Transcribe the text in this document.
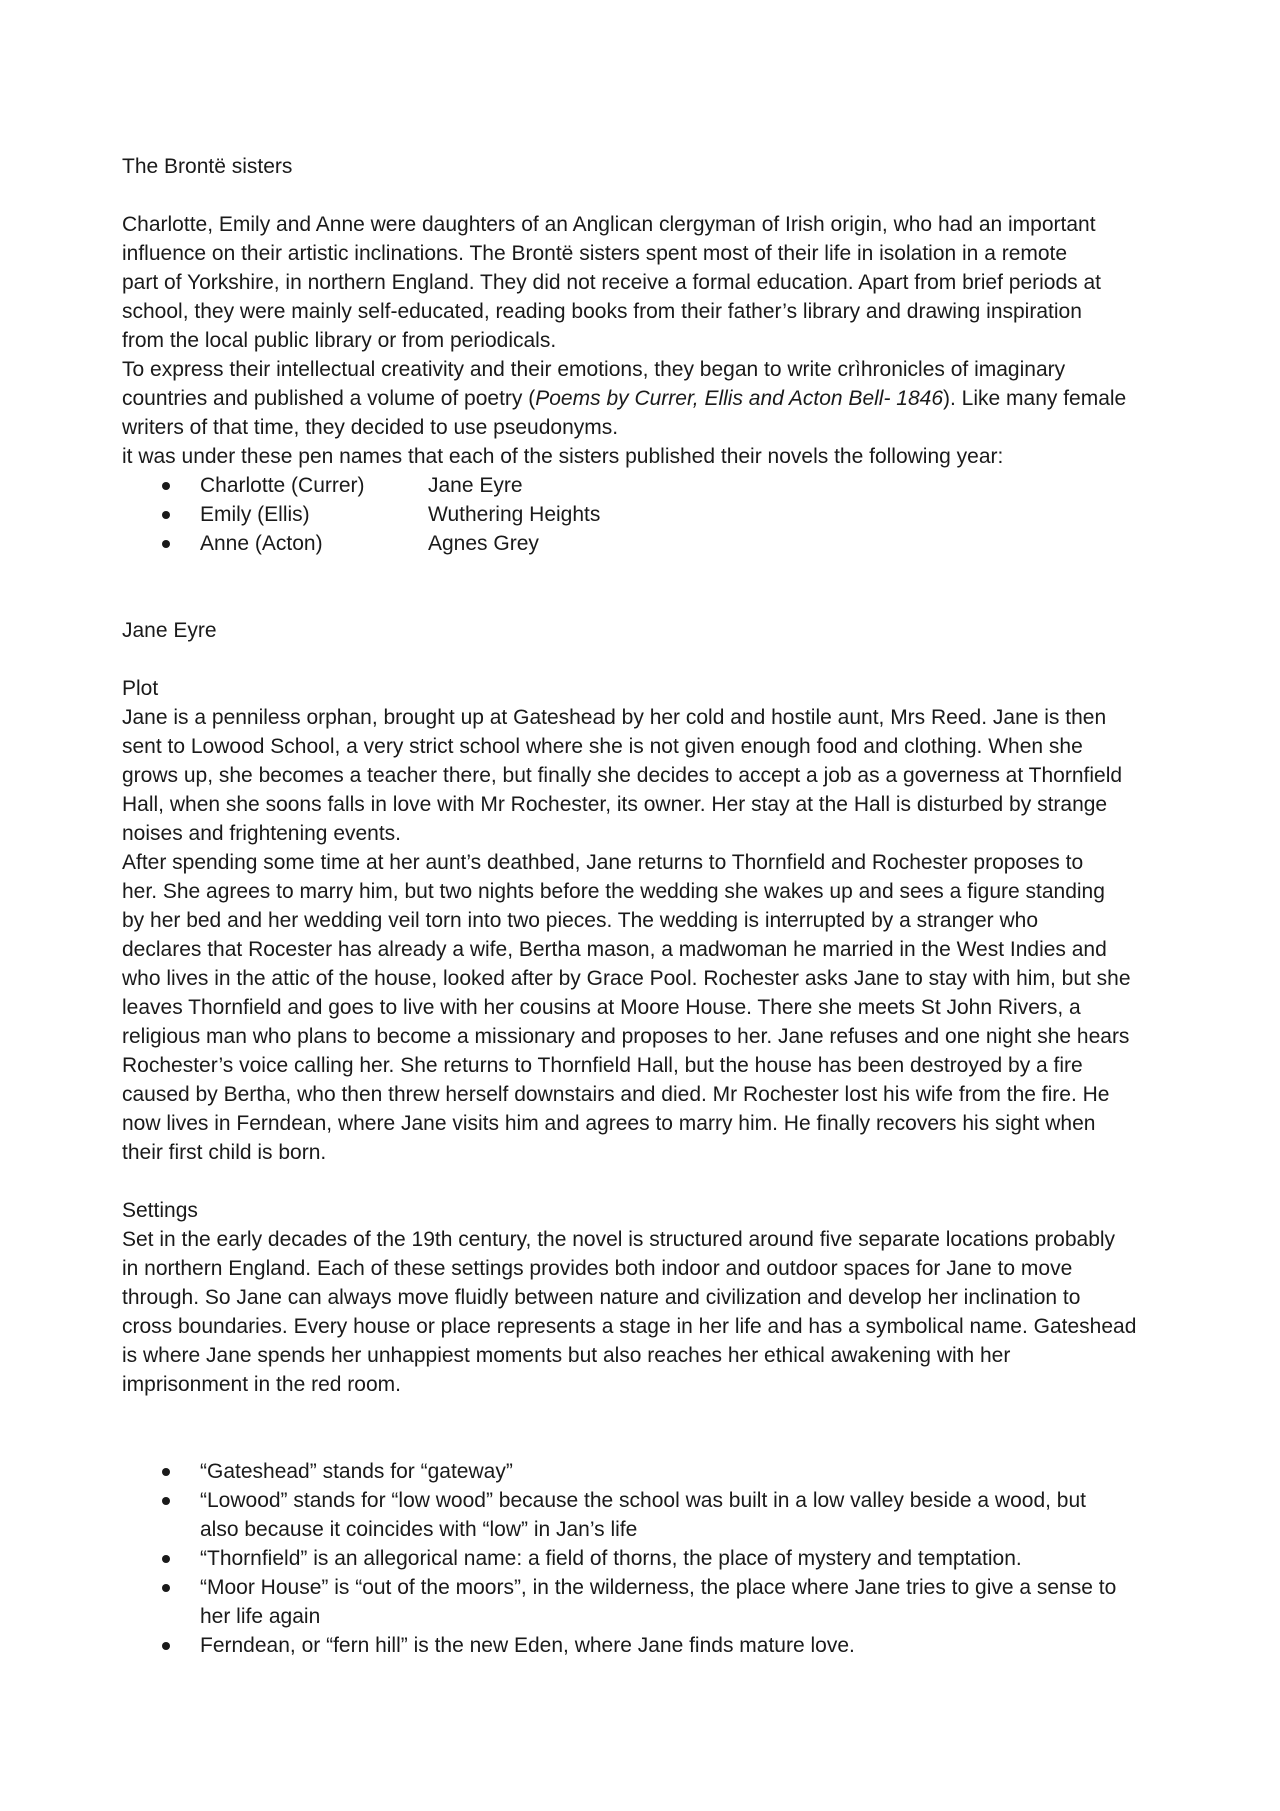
The Brontë sisters
Charlotte, Emily and Anne were daughters of an Anglican clergyman of Irish origin, who had an important
influence on their artistic inclinations. The Brontë sisters spent most of their life in isolation in a remote
part of Yorkshire, in northern England. They did not receive a formal education. Apart from brief periods at
school, they were mainly self-educated, reading books from their father’s library and drawing inspiration
from the local public library or from periodicals.
To express their intellectual creativity and their emotions, they began to write crìhronicles of imaginary
countries and published a volume of poetry (Poems by Currer, Ellis and Acton Bell- 1846). Like many female
writers of that time, they decided to use pseudonyms.
it was under these pen names that each of the sisters published their novels the following year:
Charlotte (Currer)	Jane Eyre
Emily (Ellis)	Wuthering Heights
Anne (Acton)	Agnes Grey
Jane Eyre
Plot
Jane is a penniless orphan, brought up at Gateshead by her cold and hostile aunt, Mrs Reed. Jane is then
sent to Lowood School, a very strict school where she is not given enough food and clothing. When she
grows up, she becomes a teacher there, but finally she decides to accept a job as a governess at Thornfield
Hall, when she soons falls in love with Mr Rochester, its owner. Her stay at the Hall is disturbed by strange
noises and frightening events.
After spending some time at her aunt’s deathbed, Jane returns to Thornfield and Rochester proposes to
her. She agrees to marry him, but two nights before the wedding she wakes up and sees a figure standing
by her bed and her wedding veil torn into two pieces. The wedding is interrupted by a stranger who
declares that Rocester has already a wife, Bertha mason, a madwoman he married in the West Indies and
who lives in the attic of the house, looked after by Grace Pool. Rochester asks Jane to stay with him, but she
leaves Thornfield and goes to live with her cousins at Moore House. There she meets St John Rivers, a
religious man who plans to become a missionary and proposes to her. Jane refuses and one night she hears
Rochester’s voice calling her. She returns to Thornfield Hall, but the house has been destroyed by a fire
caused by Bertha, who then threw herself downstairs and died. Mr Rochester lost his wife from the fire. He
now lives in Ferndean, where Jane visits him and agrees to marry him. He finally recovers his sight when
their first child is born.
Settings
Set in the early decades of the 19th century, the novel is structured around five separate locations probably
in northern England. Each of these settings provides both indoor and outdoor spaces for Jane to move
through. So Jane can always move fluidly between nature and civilization and develop her inclination to
cross boundaries. Every house or place represents a stage in her life and has a symbolical name. Gateshead
is where Jane spends her unhappiest moments but also reaches her ethical awakening with her
imprisonment in the red room.
“Gateshead” stands for “gateway”
“Lowood” stands for “low wood” because the school was built in a low valley beside a wood, but
also because it coincides with “low” in Jan’s life
“Thornfield” is an allegorical name: a field of thorns, the place of mystery and temptation.
“Moor House” is “out of the moors”, in the wilderness, the place where Jane tries to give a sense to
her life again
Ferndean, or “fern hill” is the new Eden, where Jane finds mature love.
